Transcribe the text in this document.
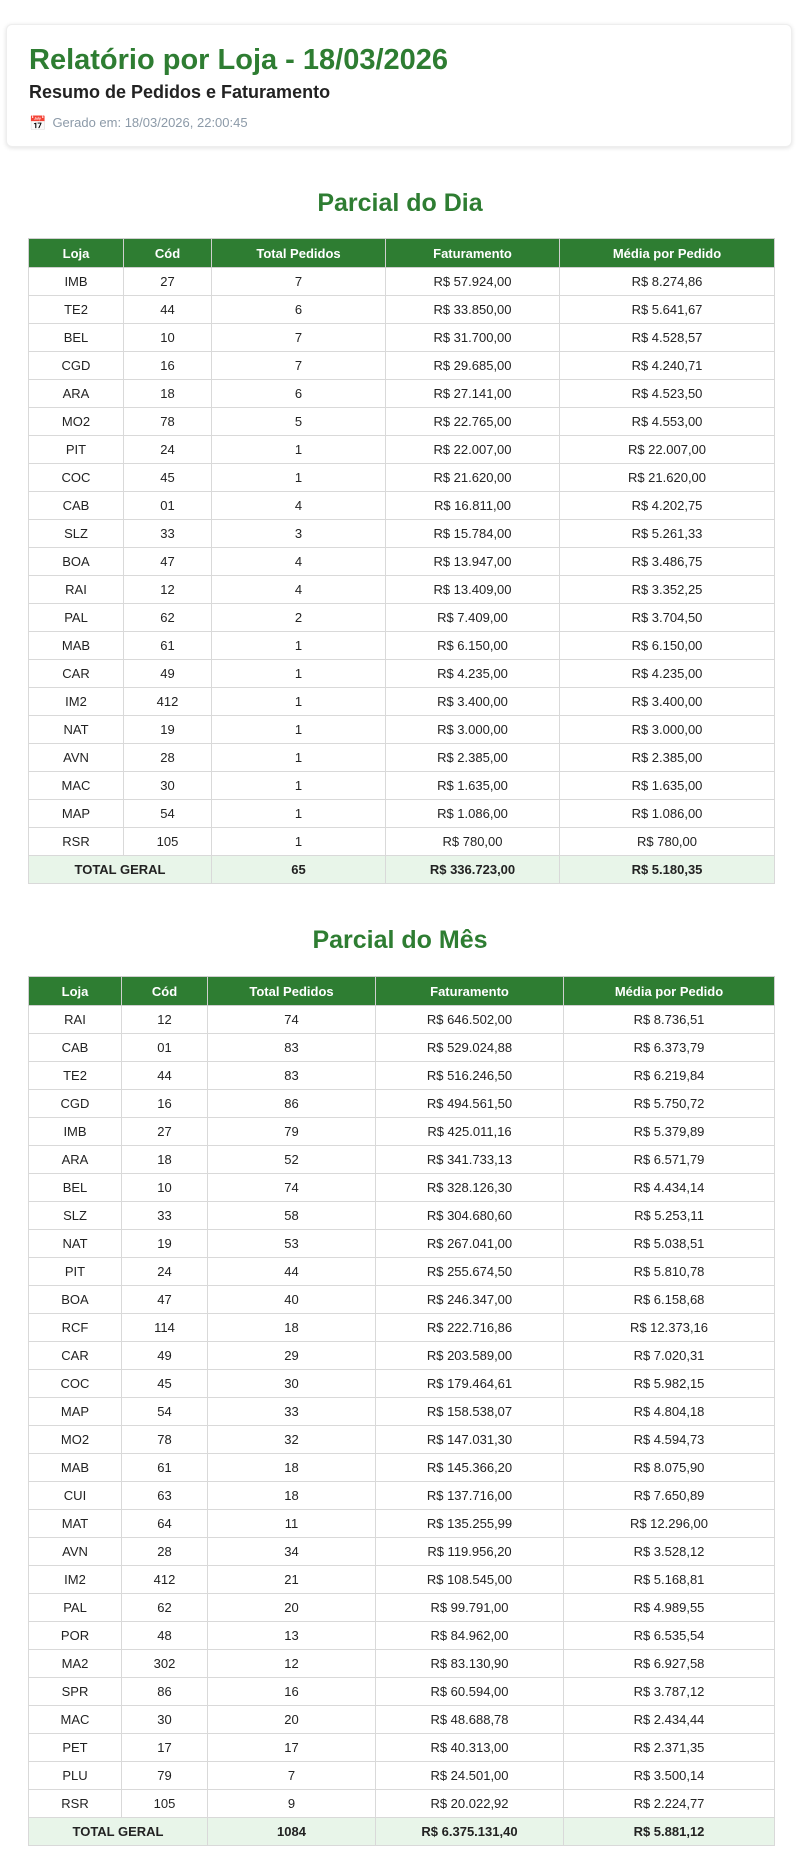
Relatório por Loja - 18/03/2026
Resumo de Pedidos e Faturamento
📅 Gerado em: 18/03/2026, 22:00:45
Parcial do Dia
Loja	Cód	Total Pedidos	Faturamento	Média por Pedido
IMB	27	7	R$ 57.924,00	R$ 8.274,86
TE2	44	6	R$ 33.850,00	R$ 5.641,67
BEL	10	7	R$ 31.700,00	R$ 4.528,57
CGD	16	7	R$ 29.685,00	R$ 4.240,71
ARA	18	6	R$ 27.141,00	R$ 4.523,50
MO2	78	5	R$ 22.765,00	R$ 4.553,00
PIT	24	1	R$ 22.007,00	R$ 22.007,00
COC	45	1	R$ 21.620,00	R$ 21.620,00
CAB	01	4	R$ 16.811,00	R$ 4.202,75
SLZ	33	3	R$ 15.784,00	R$ 5.261,33
BOA	47	4	R$ 13.947,00	R$ 3.486,75
RAI	12	4	R$ 13.409,00	R$ 3.352,25
PAL	62	2	R$ 7.409,00	R$ 3.704,50
MAB	61	1	R$ 6.150,00	R$ 6.150,00
CAR	49	1	R$ 4.235,00	R$ 4.235,00
IM2	412	1	R$ 3.400,00	R$ 3.400,00
NAT	19	1	R$ 3.000,00	R$ 3.000,00
AVN	28	1	R$ 2.385,00	R$ 2.385,00
MAC	30	1	R$ 1.635,00	R$ 1.635,00
MAP	54	1	R$ 1.086,00	R$ 1.086,00
RSR	105	1	R$ 780,00	R$ 780,00
TOTAL GERAL		65	R$ 336.723,00	R$ 5.180,35
Parcial do Mês
Loja	Cód	Total Pedidos	Faturamento	Média por Pedido
RAI	12	74	R$ 646.502,00	R$ 8.736,51
CAB	01	83	R$ 529.024,88	R$ 6.373,79
TE2	44	83	R$ 516.246,50	R$ 6.219,84
CGD	16	86	R$ 494.561,50	R$ 5.750,72
IMB	27	79	R$ 425.011,16	R$ 5.379,89
ARA	18	52	R$ 341.733,13	R$ 6.571,79
BEL	10	74	R$ 328.126,30	R$ 4.434,14
SLZ	33	58	R$ 304.680,60	R$ 5.253,11
NAT	19	53	R$ 267.041,00	R$ 5.038,51
PIT	24	44	R$ 255.674,50	R$ 5.810,78
BOA	47	40	R$ 246.347,00	R$ 6.158,68
RCF	114	18	R$ 222.716,86	R$ 12.373,16
CAR	49	29	R$ 203.589,00	R$ 7.020,31
COC	45	30	R$ 179.464,61	R$ 5.982,15
MAP	54	33	R$ 158.538,07	R$ 4.804,18
MO2	78	32	R$ 147.031,30	R$ 4.594,73
MAB	61	18	R$ 145.366,20	R$ 8.075,90
CUI	63	18	R$ 137.716,00	R$ 7.650,89
MAT	64	11	R$ 135.255,99	R$ 12.296,00
AVN	28	34	R$ 119.956,20	R$ 3.528,12
IM2	412	21	R$ 108.545,00	R$ 5.168,81
PAL	62	20	R$ 99.791,00	R$ 4.989,55
POR	48	13	R$ 84.962,00	R$ 6.535,54
MA2	302	12	R$ 83.130,90	R$ 6.927,58
SPR	86	16	R$ 60.594,00	R$ 3.787,12
MAC	30	20	R$ 48.688,78	R$ 2.434,44
PET	17	17	R$ 40.313,00	R$ 2.371,35
PLU	79	7	R$ 24.501,00	R$ 3.500,14
RSR	105	9	R$ 20.022,92	R$ 2.224,77
TOTAL GERAL		1084	R$ 6.375.131,40	R$ 5.881,12
